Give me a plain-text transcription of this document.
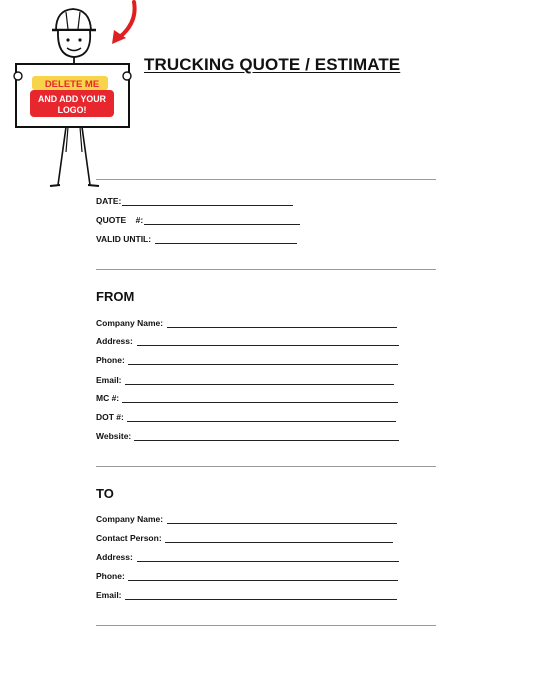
DELETE ME
AND ADD YOUR
LOGO!
TRUCKING QUOTE / ESTIMATE
DATE:
QUOTE    #:
VALID UNTIL:
FROM
Company Name:
Address:
Phone:
Email:
MC #:
DOT #:
Website:
TO
Company Name:
Contact Person:
Address:
Phone:
Email:
